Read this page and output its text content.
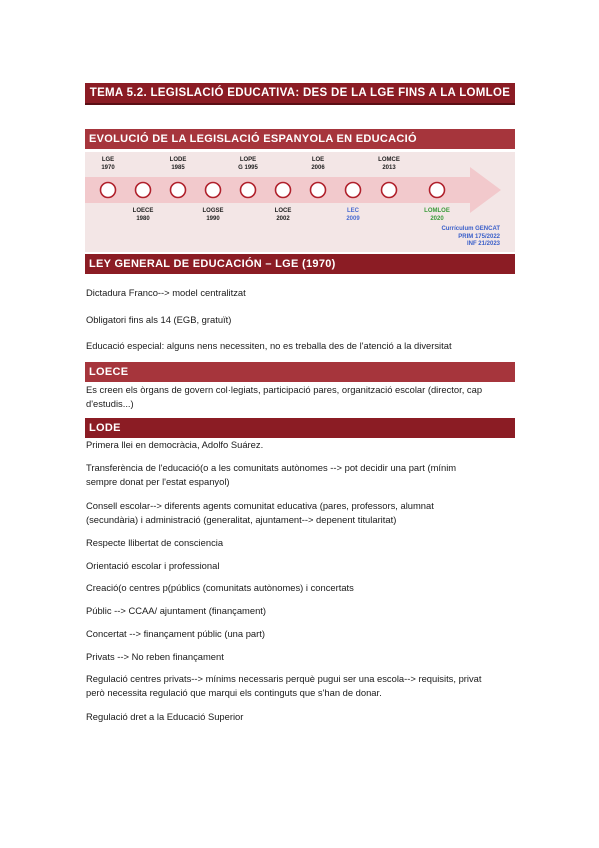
TEMA 5.2. LEGISLACIÓ EDUCATIVA: DES DE LA LGE FINS A LA LOMLOE
EVOLUCIÓ DE LA LEGISLACIÓ ESPANYOLA EN EDUCACIÓ
LGE
1970
LODE
1985
LOPE
G 1995
LOE
2006
LOMCE
2013
LOECE
1980
LOGSE
1990
LOCE
2002
LEC
2009
LOMLOE
2020
Currículum GENCAT
PRIM 175/2022
INF 21/2023
LEY GENERAL DE EDUCACIÓN – LGE (1970)
Dictadura Franco--> model centralitzat
Obligatori fins als 14 (EGB, gratuït)
Educació especial: alguns nens necessiten, no es treballa des de l'atenció a la diversitat
LOECE
Es creen els òrgans de govern col·legiats, participació pares, organització escolar (director, cap
d'estudis...)
LODE
Primera llei en democràcia, Adolfo Suárez.
Transferència de l'educació(o a les comunitats autònomes --> pot decidir una part (mínim
sempre donat per l'estat espanyol)
Consell escolar--> diferents agents comunitat educativa (pares, professors, alumnat
(secundària) i administració (generalitat, ajuntament--> depenent titularitat)
Respecte llibertat de consciencia
Orientació escolar i professional
Creació(o centres p(públics (comunitats autònomes) i concertats
Públic --> CCAA/ ajuntament (finançament)
Concertat --> finançament públic (una part)
Privats --> No reben finançament
Regulació centres privats--> mínims necessaris perquè pugui ser una escola--> requisits, privat
però necessita regulació que marqui els continguts que s'han de donar.
Regulació dret a la Educació Superior
